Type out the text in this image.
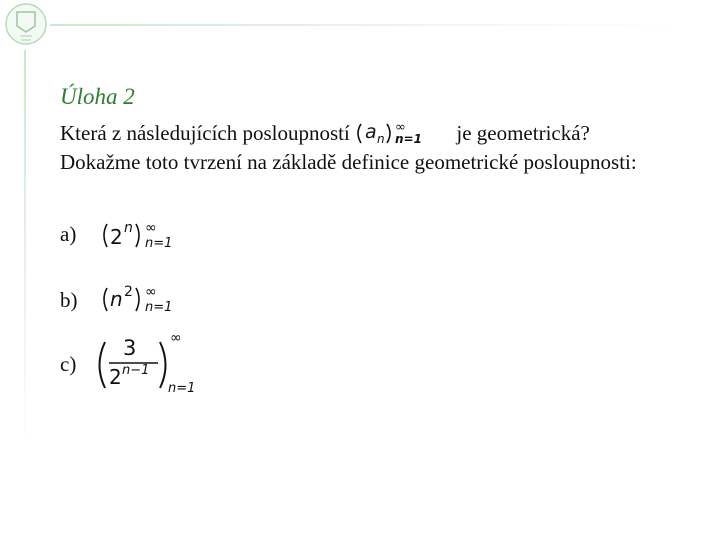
Úloha 2
Která z následujících posloupností a n
∞
n=1 je geometrická?
Dokažme toto tvrzení na základě definice geometrické posloupnosti:
a) 2 n ∞
n=1
b) n 2 ∞
n=1
c)
3
2 n−1
∞
n=1
